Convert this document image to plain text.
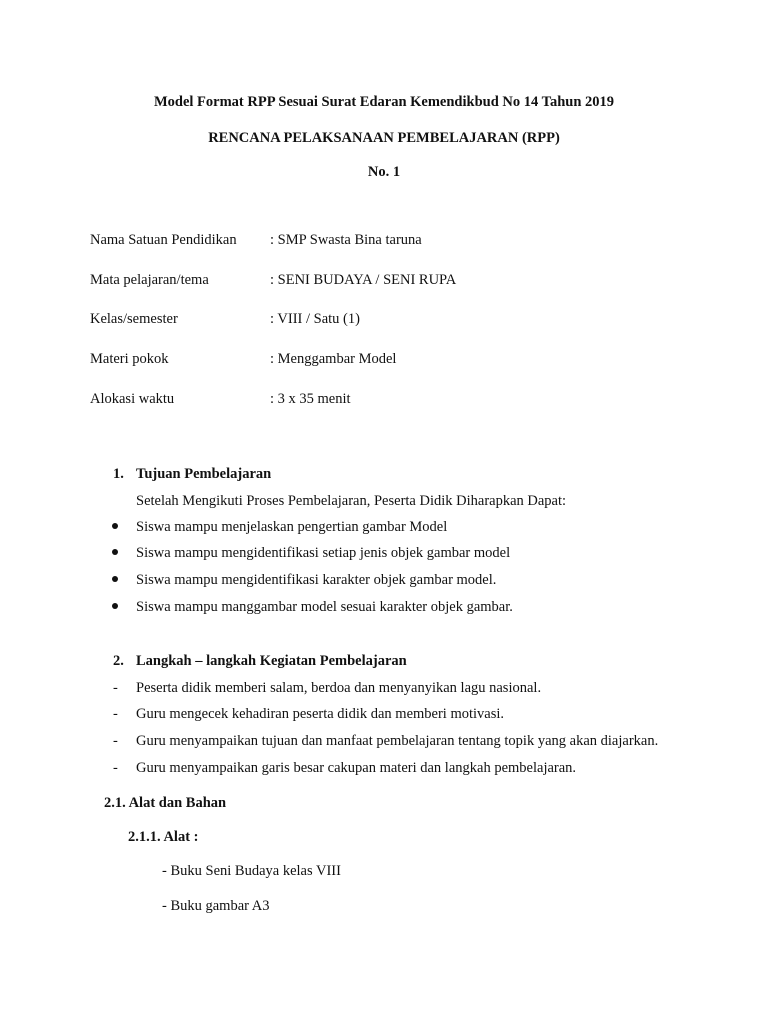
Model Format RPP Sesuai Surat Edaran Kemendikbud No 14 Tahun 2019
RENCANA PELAKSANAAN PEMBELAJARAN (RPP)
No. 1
Nama Satuan Pendidikan : SMP Swasta Bina taruna
Mata pelajaran/tema	: SENI BUDAYA / SENI RUPA
Kelas/semester	: VIII / Satu (1)
Materi pokok	: Menggambar Model
Alokasi waktu	: 3 x 35 menit
1. Tujuan Pembelajaran
Setelah Mengikuti Proses Pembelajaran, Peserta Didik Diharapkan Dapat:
Siswa mampu menjelaskan pengertian gambar Model
Siswa mampu mengidentifikasi setiap jenis objek gambar model
Siswa mampu mengidentifikasi karakter objek gambar model.
Siswa mampu manggambar model sesuai karakter objek gambar.
2. Langkah – langkah Kegiatan Pembelajaran
- Peserta didik memberi salam, berdoa dan menyanyikan lagu nasional.
- Guru mengecek kehadiran peserta didik dan memberi motivasi.
- Guru menyampaikan tujuan dan manfaat pembelajaran tentang topik yang akan diajarkan.
- Guru menyampaikan garis besar cakupan materi dan langkah pembelajaran.
2.1. Alat dan Bahan
2.1.1. Alat :
- Buku Seni Budaya kelas VIII
- Buku gambar A3
